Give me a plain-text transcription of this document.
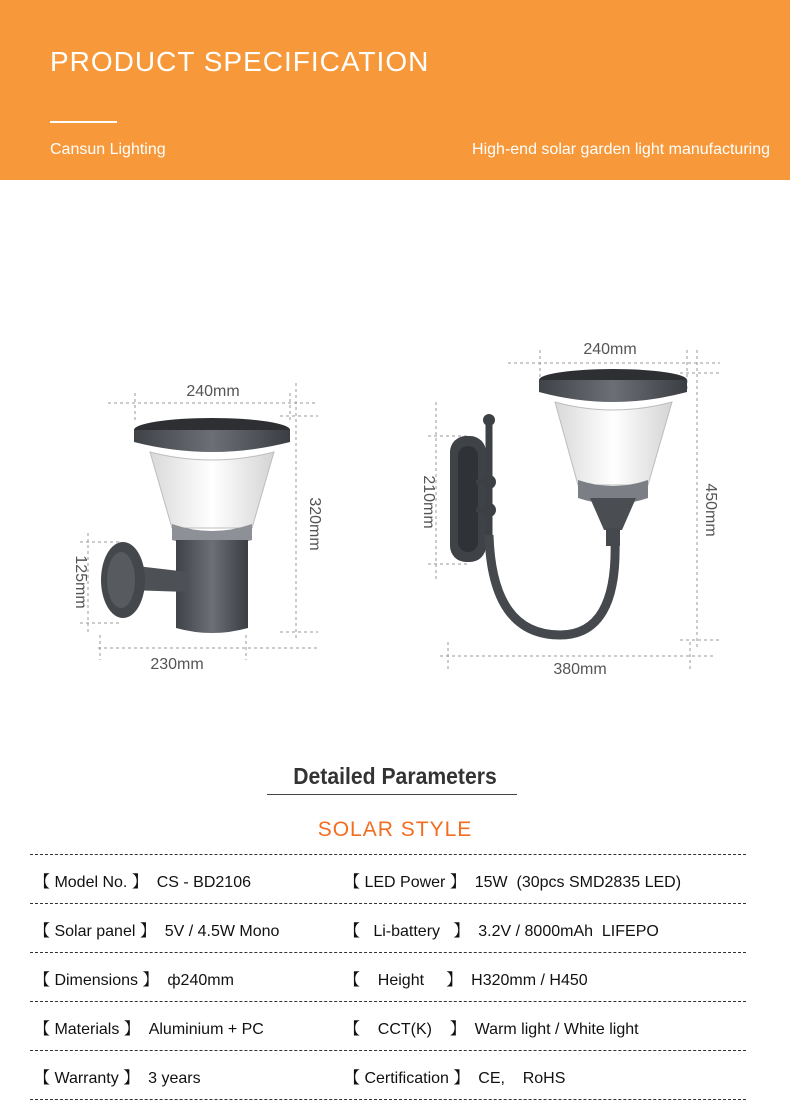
PRODUCT SPECIFICATION
Cansun Lighting	High-end solar garden light manufacturing
240mm
320mm
125mm
230mm
240mm
450mm
210mm
380mm
Detailed Parameters
SOLAR STYLE
【 Model No. 】 CS - BD2106	【 LED Power 】 15W  (30pcs SMD2835 LED)
【 Solar panel 】 5V / 4.5W Mono	【   Li-battery   】 3.2V / 8000mAh  LIFEPO
【 Dimensions 】 ф240mm	【    Height     】 H320mm / H450
【 Materials 】 Aluminium + PC	【    CCT(K)    】 Warm light / White light
【 Warranty 】 3 years	【 Certification 】 CE,    RoHS
